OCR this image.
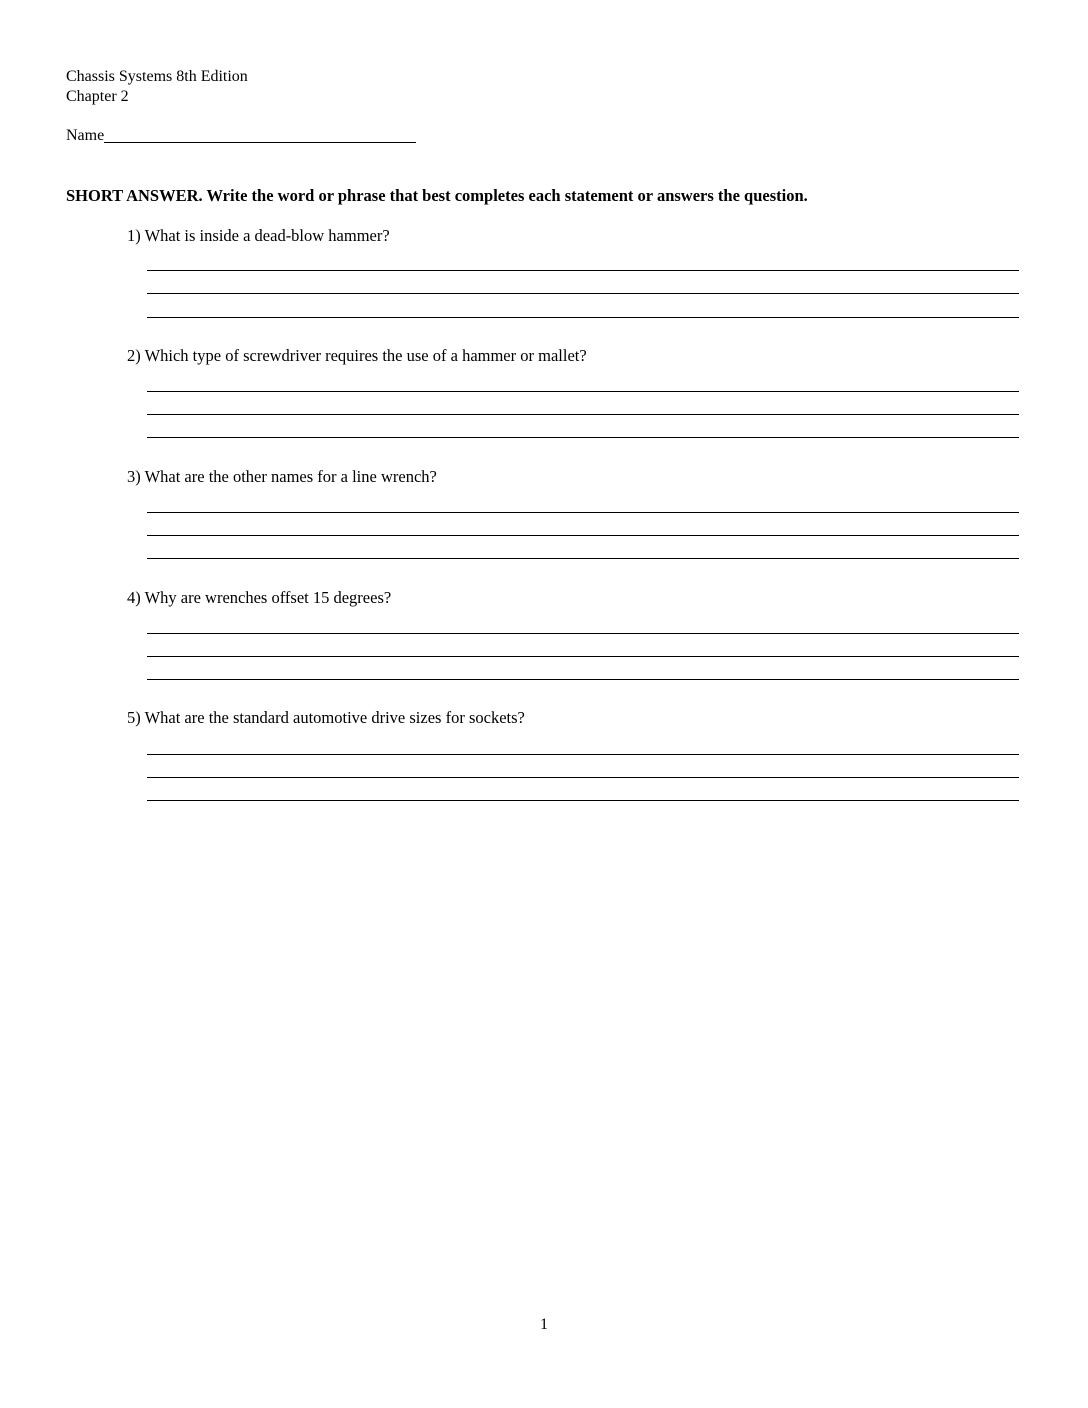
Chassis Systems 8th Edition
Chapter 2
Name
SHORT ANSWER. Write the word or phrase that best completes each statement or answers the question.
1) What is inside a dead-blow hammer?
2) Which type of screwdriver requires the use of a hammer or mallet?
3) What are the other names for a line wrench?
4) Why are wrenches offset 15 degrees?
5) What are the standard automotive drive sizes for sockets?
1
